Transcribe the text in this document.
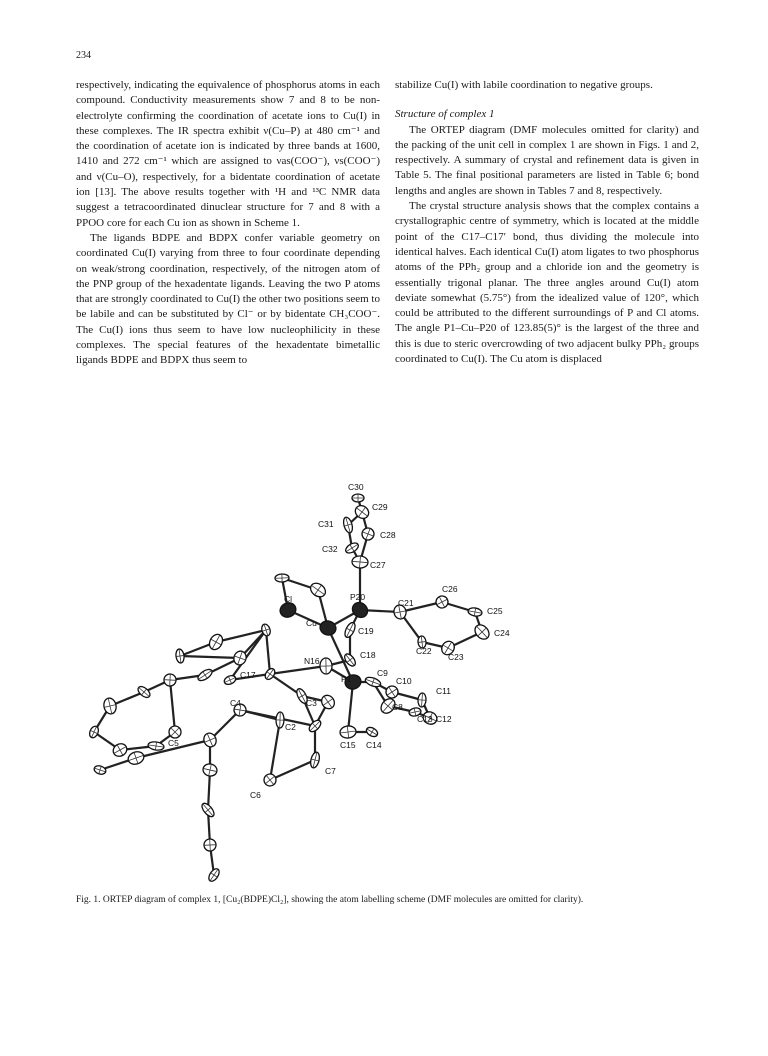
234

respectively, indicating the equivalence of phosphorus atoms in each compound. Conductivity measurements show 7 and 8 to be non-electrolyte confirming the coordination of acetate ions to Cu(I) in these complexes. The IR spectra exhibit ν(Cu–P) at 480 cm⁻¹ and the coordination of acetate ion is indicated by three bands at 1600, 1410 and 272 cm⁻¹ which are assigned to νas(COO⁻), νs(COO⁻) and ν(Cu–O), respectively, for a bidentate coordination of acetate ion [13]. The above results together with ¹H and ¹³C NMR data suggest a tetracoordinated dinuclear structure for 7 and 8 with a PPOO core for each Cu ion as shown in Scheme 1.

The ligands BDPE and BDPX confer variable geometry on coordinated Cu(I) varying from three to four coordinate depending on weak/strong coordination, respectively, of the nitrogen atom of the PNP group of the hexadentate ligands. Leaving the two P atoms that are strongly coordinated to Cu(I) the other two positions seem to be labile and can be substituted by Cl⁻ or by bidentate CH₃COO⁻. The Cu(I) ions thus seem to have low nucleophilicity in these complexes. The special features of the hexadentate bimetallic ligands BDPE and BDPX thus seem to

stabilize Cu(I) with labile coordination to negative groups.

Structure of complex 1

The ORTEP diagram (DMF molecules omitted for clarity) and the packing of the unit cell in complex 1 are shown in Figs. 1 and 2, respectively. A summary of crystal and refinement data is given in Table 5. The final positional parameters are listed in Table 6; bond lengths and angles are shown in Tables 7 and 8, respectively.

The crystal structure analysis shows that the complex contains a crystallographic centre of symmetry, which is located at the middle point of the C17–C17′ bond, thus dividing the molecule into identical halves. Each identical Cu(I) atom ligates to two phosphorus atoms of the PPh₂ group and a chloride ion and the geometry is essentially trigonal planar. The three angles around Cu(I) atom deviate somewhat (5.75°) from the idealized value of 120°, which could be attributed to the different surroundings of P and Cl atoms. The angle P1–Cu–P20 of 123.85(5)° is the largest of the three and this is due to steric overcrowding of two adjacent bulky PPh₂ groups coordinated to Cu(I). The Cu atom is displaced

C30
C29
C31
C28
C32
C27
C26
C25
P20
C21
C19	C24
Cl
Cu
C22
C23
C18
C17
N16
P1
C9
C10
C11
C3	C8
C13 C12
C4
C2
C15 C14
C5
C7
C6
Fig. 1. ORTEP diagram of complex 1, [Cu₂(BDPE)Cl₂], showing the atom labelling scheme (DMF molecules are omitted for clarity).
